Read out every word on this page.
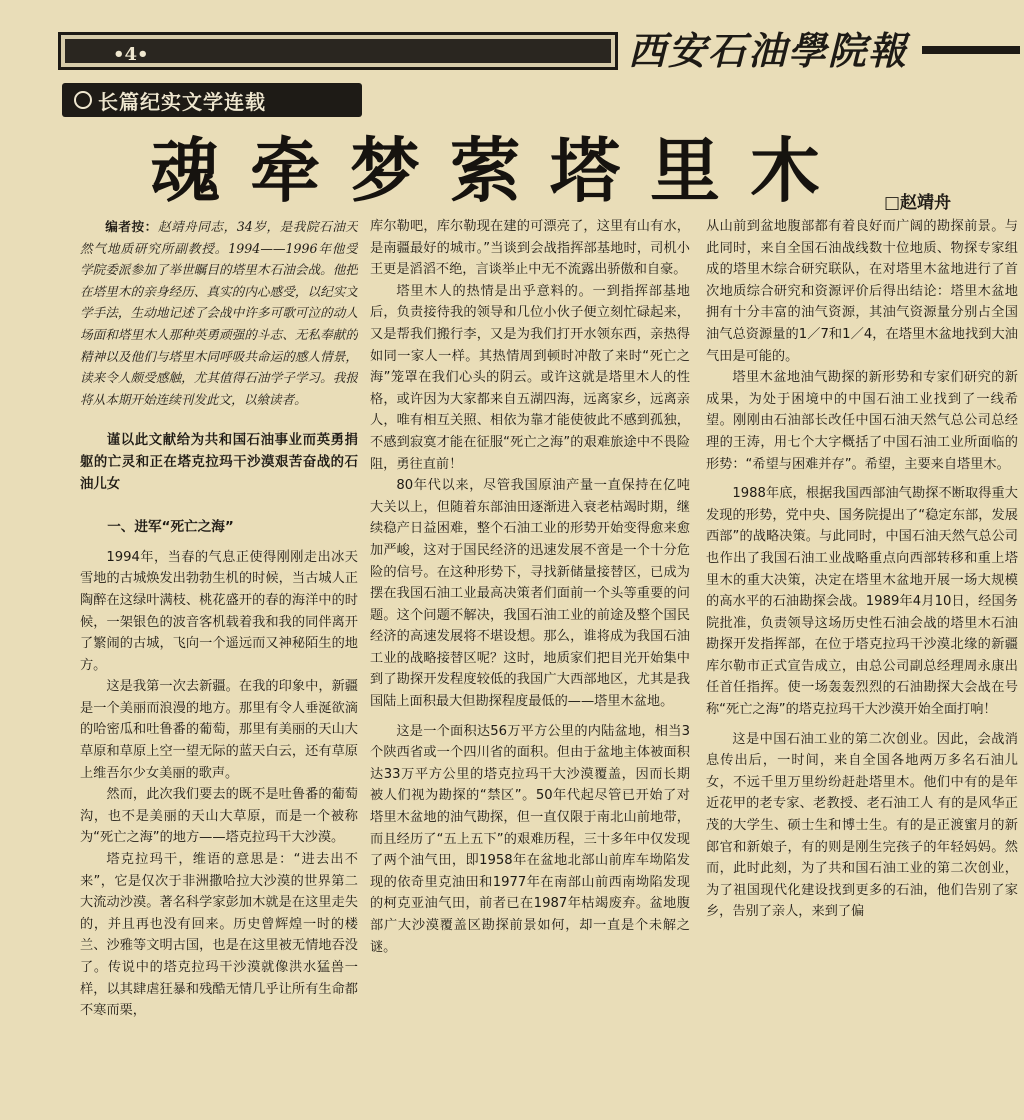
•4•	西安石油學院報
长篇纪实文学连载
魂牵梦萦塔里木	□赵靖舟

编者按：赵靖舟同志，34岁，是我院石油天然气地质研究所副教授。1994——1996年他受学院委派参加了举世瞩目的塔里木石油会战。他把在塔里木的亲身经历、真实的内心感受，以纪实文学手法，生动地记述了会战中许多可歌可泣的动人场面和塔里木人那种英勇顽强的斗志、无私奉献的精神以及他们与塔里木同呼吸共命运的感人情景，读来令人颇受感触，尤其值得石油学子学习。我报将从本期开始连续刊发此文，以飨读者。

谨以此文献给为共和国石油事业而英勇捐躯的亡灵和正在塔克拉玛干沙漠艰苦奋战的石油儿女

一、进军“死亡之海”

1994年，当春的气息正使得刚刚走出冰天雪地的古城焕发出勃勃生机的时候，当古城人正陶醉在这绿叶满枝、桃花盛开的春的海洋中的时候，一架银色的波音客机载着我和我的同伴离开了繁闹的古城，飞向一个遥远而又神秘陌生的地方。

这是我第一次去新疆。在我的印象中，新疆是一个美丽而浪漫的地方。那里有令人垂涎欲滴的哈密瓜和吐鲁番的葡萄，那里有美丽的天山大草原和草原上空一望无际的蓝天白云，还有草原上维吾尔少女美丽的歌声。

然而，此次我们要去的既不是吐鲁番的葡萄沟，也不是美丽的天山大草原，而是一个被称为“死亡之海”的地方——塔克拉玛干大沙漠。

塔克拉玛干，维语的意思是：“进去出不来”，它是仅次于非洲撒哈拉大沙漠的世界第二大流动沙漠。著名科学家彭加木就是在这里走失的，并且再也没有回来。历史曾辉煌一时的楼兰、沙雅等文明古国，也是在这里被无情地吞没了。传说中的塔克拉玛干沙漠就像洪水猛兽一样，以其肆虐狂暴和残酷无情几乎让所有生命都不寒而栗，

库尔勒吧，库尔勒现在建的可漂亮了，这里有山有水，是南疆最好的城市。”当谈到会战指挥部基地时，司机小王更是滔滔不绝，言谈举止中无不流露出骄傲和自豪。

塔里木人的热情是出乎意料的。一到指挥部基地后，负责接待我的领导和几位小伙子便立刻忙碌起来，又是帮我们搬行李，又是为我们打开水领东西，亲热得如同一家人一样。其热情周到顿时冲散了来时“死亡之海”笼罩在我们心头的阴云。或许这就是塔里木人的性格，或许因为大家都来自五湖四海，远离家乡，远离亲人，唯有相互关照、相依为靠才能使彼此不感到孤独，不感到寂寞才能在征服“死亡之海”的艰难旅途中不畏险阻，勇往直前！

80年代以来，尽管我国原油产量一直保持在亿吨大关以上，但随着东部油田逐渐进入衰老枯竭时期，继续稳产日益困难，整个石油工业的形势开始变得愈来愈加严峻，这对于国民经济的迅速发展不啻是一个十分危险的信号。在这种形势下，寻找新储量接替区，已成为摆在我国石油工业最高决策者们面前一个头等重要的问题。这个问题不解决，我国石油工业的前途及整个国民经济的高速发展将不堪设想。那么，谁将成为我国石油工业的战略接替区呢？这时，地质家们把目光开始集中到了勘探开发程度较低的我国广大西部地区，尤其是我国陆上面积最大但勘探程度最低的——塔里木盆地。

这是一个面积达56万平方公里的内陆盆地，相当3个陕西省或一个四川省的面积。但由于盆地主体被面积达33万平方公里的塔克拉玛干大沙漠覆盖，因而长期被人们视为勘探的“禁区”。50年代起尽管已开始了对塔里木盆地的油气勘探，但一直仅限于南北山前地带，而且经历了“五上五下”的艰难历程，三十多年中仅发现了两个油气田，即1958年在盆地北部山前库车坳陷发现的依奇里克油田和1977年在南部山前西南坳陷发现的柯克亚油气田，前者已在1987年枯竭废弃。盆地腹部广大沙漠覆盖区勘探前景如何，却一直是个未解之谜。

从山前到盆地腹部都有着良好而广阔的勘探前景。与此同时，来自全国石油战线数十位地质、物探专家组成的塔里木综合研究联队，在对塔里木盆地进行了首次地质综合研究和资源评价后得出结论：塔里木盆地拥有十分丰富的油气资源，其油气资源量分别占全国油气总资源量的1／7和1／4，在塔里木盆地找到大油气田是可能的。

塔里木盆地油气勘探的新形势和专家们研究的新成果，为处于困境中的中国石油工业找到了一线希望。刚刚由石油部长改任中国石油天然气总公司总经理的王涛，用七个大字概括了中国石油工业所面临的形势：“希望与困难并存”。希望，主要来自塔里木。

1988年底，根据我国西部油气勘探不断取得重大发现的形势，党中央、国务院提出了“稳定东部，发展西部”的战略决策。与此同时，中国石油天然气总公司也作出了我国石油工业战略重点向西部转移和重上塔里木的重大决策，决定在塔里木盆地开展一场大规模的高水平的石油勘探会战。1989年4月10日，经国务院批准，负责领导这场历史性石油会战的塔里木石油勘探开发指挥部，在位于塔克拉玛干沙漠北缘的新疆库尔勒市正式宣告成立，由总公司副总经理周永康出任首任指挥。使一场轰轰烈烈的石油勘探大会战在号称“死亡之海”的塔克拉玛干大沙漠开始全面打响！

这是中国石油工业的第二次创业。因此，会战消息传出后，一时间，来自全国各地两万多名石油儿女，不远千里万里纷纷赶赴塔里木。他们中有的是年近花甲的老专家、老教授、老石油工人 有的是风华正茂的大学生、硕士生和博士生。有的是正渡蜜月的新郎官和新娘子，有的则是刚生完孩子的年轻妈妈。然而，此时此刻，为了共和国石油工业的第二次创业，为了祖国现代化建设找到更多的石油，他们告别了家乡，告别了亲人，来到了偏
